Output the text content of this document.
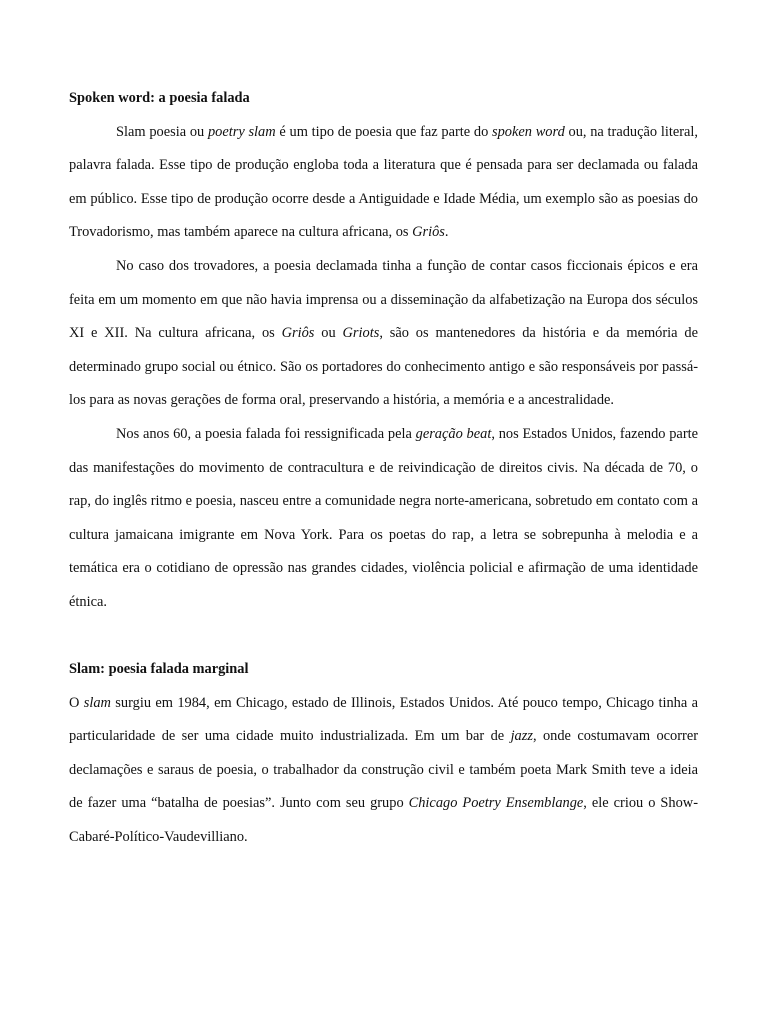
Spoken word: a poesia falada

Slam poesia ou poetry slam é um tipo de poesia que faz parte do spoken word ou, na tradução literal, palavra falada. Esse tipo de produção engloba toda a literatura que é pensada para ser declamada ou falada em público. Esse tipo de produção ocorre desde a Antiguidade e Idade Média, um exemplo são as poesias do Trovadorismo, mas também aparece na cultura africana, os Griôs.

No caso dos trovadores, a poesia declamada tinha a função de contar casos ficcionais épicos e era feita em um momento em que não havia imprensa ou a disseminação da alfabetização na Europa dos séculos XI e XII. Na cultura africana, os Griôs ou Griots, são os mantenedores da história e da memória de determinado grupo social ou étnico. São os portadores do conhecimento antigo e são responsáveis por passá-los para as novas gerações de forma oral, preservando a história, a memória e a ancestralidade.

Nos anos 60, a poesia falada foi ressignificada pela geração beat, nos Estados Unidos, fazendo parte das manifestações do movimento de contracultura e de reivindicação de direitos civis. Na década de 70, o rap, do inglês ritmo e poesia, nasceu entre a comunidade negra norte-americana, sobretudo em contato com a cultura jamaicana imigrante em Nova York. Para os poetas do rap, a letra se sobrepunha à melodia e a temática era o cotidiano de opressão nas grandes cidades, violência policial e afirmação de uma identidade étnica.

Slam: poesia falada marginal

O slam surgiu em 1984, em Chicago, estado de Illinois, Estados Unidos. Até pouco tempo, Chicago tinha a particularidade de ser uma cidade muito industrializada. Em um bar de jazz, onde costumavam ocorrer declamações e saraus de poesia, o trabalhador da construção civil e também poeta Mark Smith teve a ideia de fazer uma “batalha de poesias”. Junto com seu grupo Chicago Poetry Ensemblange, ele criou o Show-Cabaré-Político-Vaudevilliano.
